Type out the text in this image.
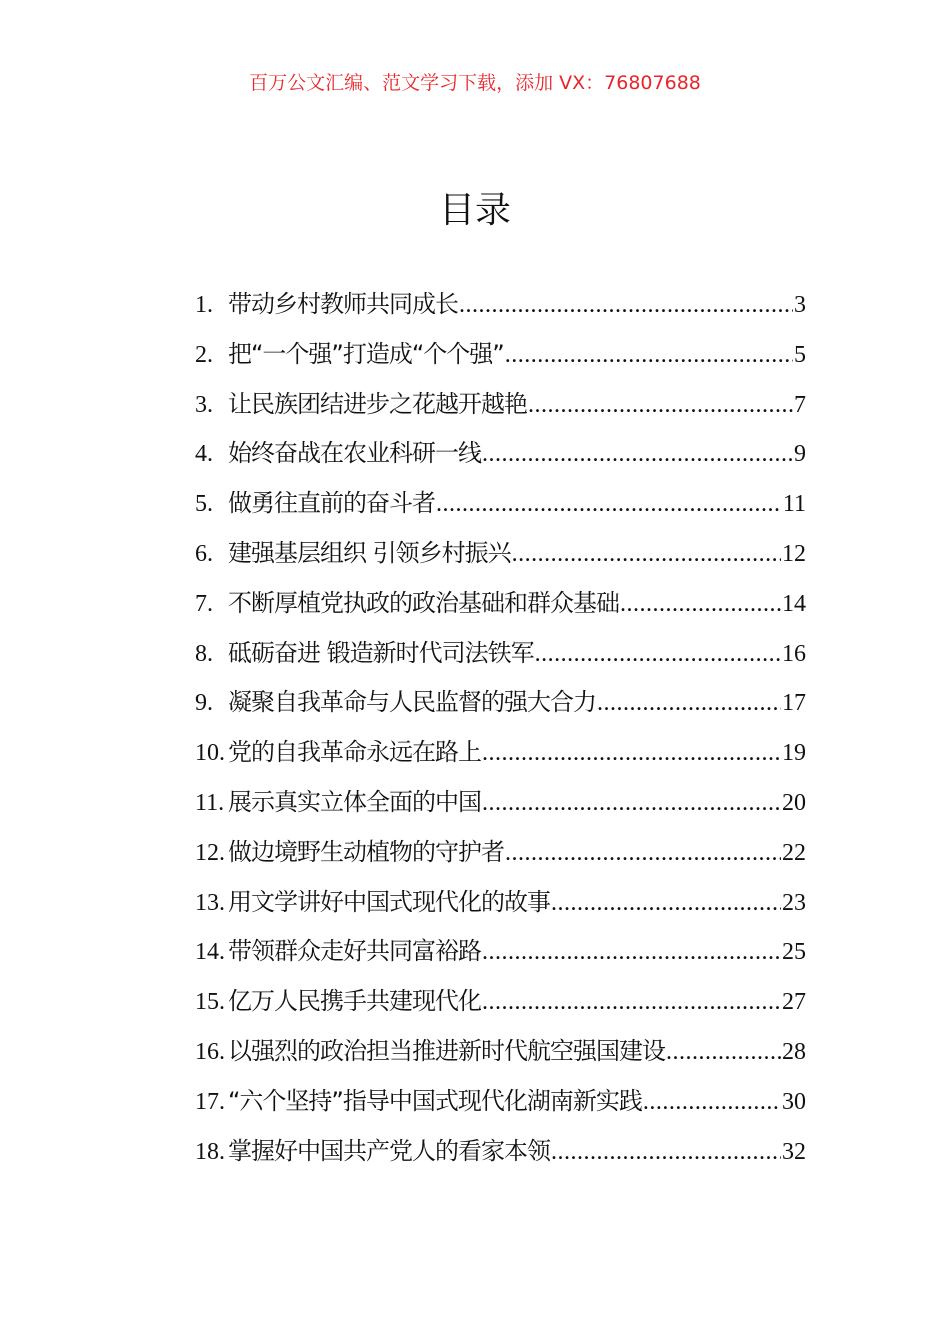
百万公文汇编、范文学习下载，添加 VX：76807688
目录
1. 带动乡村教师共同成长 .....	3
2. 把“一个强”打造成“个个强” .....	5
3. 让民族团结进步之花越开越艳 .....	7
4. 始终奋战在农业科研一线 .....	9
5. 做勇往直前的奋斗者 .....	11
6. 建强基层组织 引领乡村振兴 .....	12
7. 不断厚植党执政的政治基础和群众基础 .....	14
8. 砥砺奋进 锻造新时代司法铁军 .....	16
9. 凝聚自我革命与人民监督的强大合力 .....	17
10. 党的自我革命永远在路上 .....	19
11. 展示真实立体全面的中国 .....	20
12. 做边境野生动植物的守护者 .....	22
13. 用文学讲好中国式现代化的故事 .....	23
14. 带领群众走好共同富裕路 .....	25
15. 亿万人民携手共建现代化 .....	27
16. 以强烈的政治担当推进新时代航空强国建设 .....	28
17. “六个坚持”指导中国式现代化湖南新实践 .....	30
18. 掌握好中国共产党人的看家本领 .....	32
